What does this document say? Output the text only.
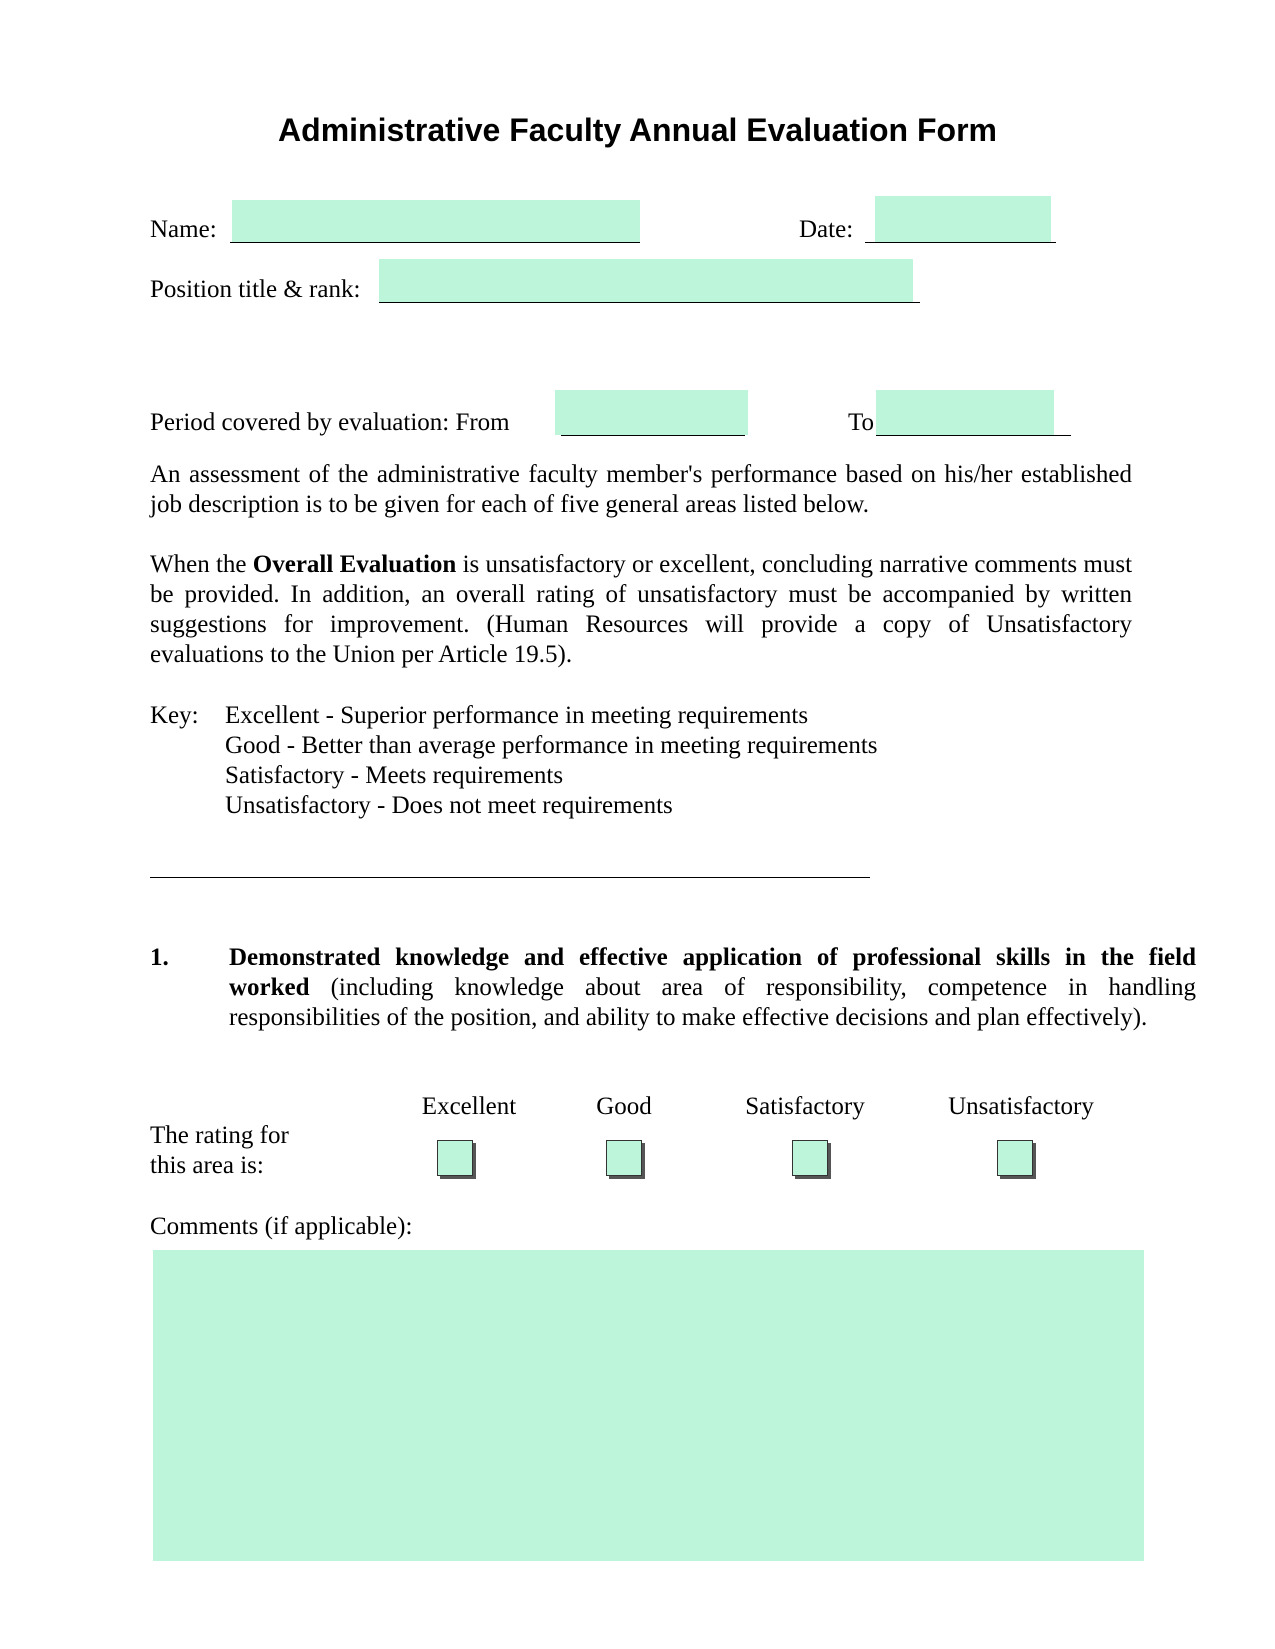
Administrative Faculty Annual Evaluation Form
Name:	Date:
Position title & rank:
Period covered by evaluation: From	To
An assessment of the administrative faculty member's performance based on his/her established job description is to be given for each of five general areas listed below.
When the Overall Evaluation is unsatisfactory or excellent, concluding narrative comments must be provided. In addition, an overall rating of unsatisfactory must be accompanied by written suggestions for improvement. (Human Resources will provide a copy of Unsatisfactory evaluations to the Union per Article 19.5).
Key: Excellent - Superior performance in meeting requirements
Good - Better than average performance in meeting requirements
Satisfactory - Meets requirements
Unsatisfactory - Does not meet requirements
1. Demonstrated knowledge and effective application of professional skills in the field worked (including knowledge about area of responsibility, competence in handling responsibilities of the position, and ability to make effective decisions and plan effectively).
Excellent	Good	Satisfactory	Unsatisfactory
The rating for
this area is:
Comments (if applicable):
